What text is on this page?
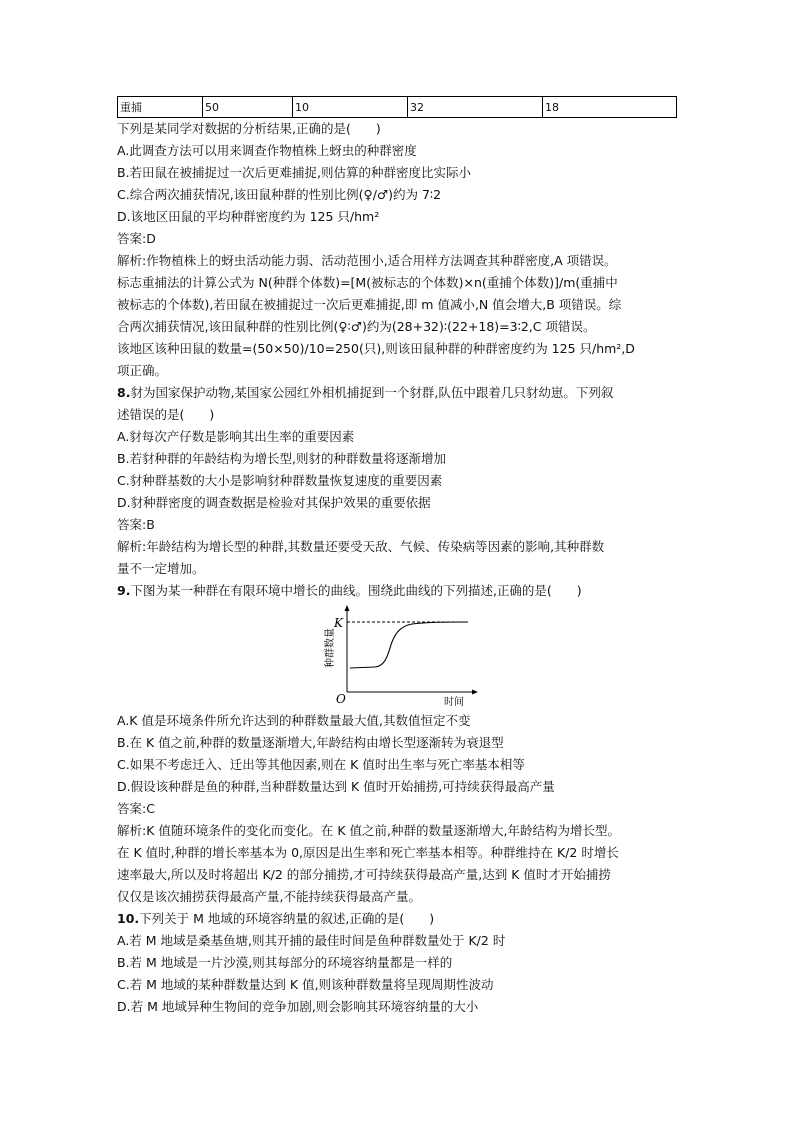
重捕	50	10	32	18
下列是某同学对数据的分析结果,正确的是(　　)
A.此调查方法可以用来调查作物植株上蚜虫的种群密度
B.若田鼠在被捕捉过一次后更难捕捉,则估算的种群密度比实际小
C.综合两次捕获情况,该田鼠种群的性别比例(♀/♂)约为 7∶2
D.该地区田鼠的平均种群密度约为 125 只/hm²
答案:D
解析:作物植株上的蚜虫活动能力弱、活动范围小,适合用样方法调查其种群密度,A 项错误。
标志重捕法的计算公式为 N(种群个体数)=[M(被标志的个体数)×n(重捕个体数)]/m(重捕中
被标志的个体数),若田鼠在被捕捉过一次后更难捕捉,即 m 值减小,N 值会增大,B 项错误。综
合两次捕获情况,该田鼠种群的性别比例(♀∶♂)约为(28+32)∶(22+18)=3∶2,C 项错误。
该地区该种田鼠的数量=(50×50)/10=250(只),则该田鼠种群的种群密度约为 125 只/hm²,D
项正确。
8.豺为国家保护动物,某国家公园红外相机捕捉到一个豺群,队伍中跟着几只豺幼崽。下列叙
述错误的是(　　)
A.豺每次产仔数是影响其出生率的重要因素
B.若豺种群的年龄结构为增长型,则豺的种群数量将逐渐增加
C.豺种群基数的大小是影响豺种群数量恢复速度的重要因素
D.豺种群密度的调查数据是检验对其保护效果的重要依据
答案:B
解析:年龄结构为增长型的种群,其数量还要受天敌、气候、传染病等因素的影响,其种群数
量不一定增加。
9.下图为某一种群在有限环境中增长的曲线。围绕此曲线的下列描述,正确的是(　　)
种群数量
K
O	时间
A.K 值是环境条件所允许达到的种群数量最大值,其数值恒定不变
B.在 K 值之前,种群的数量逐渐增大,年龄结构由增长型逐渐转为衰退型
C.如果不考虑迁入、迁出等其他因素,则在 K 值时出生率与死亡率基本相等
D.假设该种群是鱼的种群,当种群数量达到 K 值时开始捕捞,可持续获得最高产量
答案:C
解析:K 值随环境条件的变化而变化。在 K 值之前,种群的数量逐渐增大,年龄结构为增长型。
在 K 值时,种群的增长率基本为 0,原因是出生率和死亡率基本相等。种群维持在 K/2 时增长
速率最大,所以及时将超出 K/2 的部分捕捞,才可持续获得最高产量,达到 K 值时才开始捕捞
仅仅是该次捕捞获得最高产量,不能持续获得最高产量。
10.下列关于 M 地域的环境容纳量的叙述,正确的是(　　)
A.若 M 地域是桑基鱼塘,则其开捕的最佳时间是鱼种群数量处于 K/2 时
B.若 M 地域是一片沙漠,则其每部分的环境容纳量都是一样的
C.若 M 地域的某种群数量达到 K 值,则该种群数量将呈现周期性波动
D.若 M 地域异种生物间的竞争加剧,则会影响其环境容纳量的大小
